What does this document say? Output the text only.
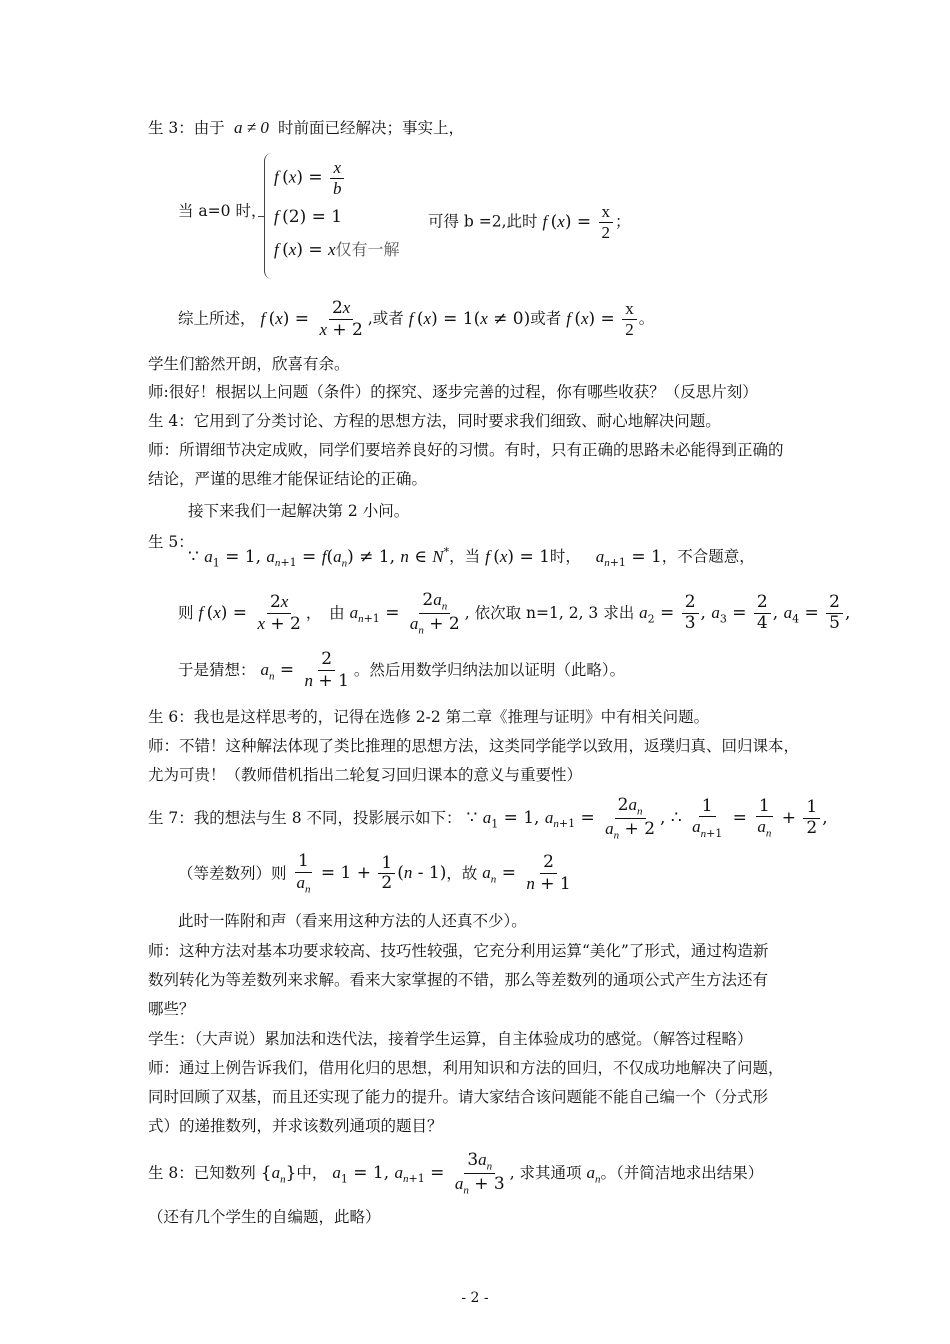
生 3：由于  a ≠ 0  时前面已经解决；事实上，
f $(x) = \frac{x}{b}$
f (2) = 1
f (x) = x仅有一解
当 a=0 时，
可得 b =2,此时 f $(x) = \frac{x}{2}$ ；
综上所述， f $(x) = \frac{2x}{x + 2}$ ,或者 f (x) = 1(x ≠ 0)或者 f $(x) = \frac{x}{2}$ 。
学生们豁然开朗，欣喜有余。
师:很好！根据以上问题（条件）的探究、逐步完善的过程，你有哪些收获？（反思片刻）
生 4：它用到了分类讨论、方程的思想方法，同时要求我们细致、耐心地解决问题。
师：所谓细节决定成败，同学们要培养良好的习惯。有时，只有正确的思路未必能得到正确的
结论，严谨的思维才能保证结论的正确。
接下来我们一起解决第 2 小问。
生 5：
∵ $a_1 = 1$, $a_{n+1} = f(a_n) \ne 1$, n ∈ N*，当 f (x) = 1时， $a_{n+1} = 1$，不合题意，
则 f $(x) = \frac{2x}{x + 2}$ ，　由 $a_{n+1} = \frac{2a_n}{a_n + 2}$ , 依次取 n=1, 2, 3 求出 $a_2 = \frac{2}{3}$ , $a_3 = \frac{2}{4}$ , $a_4 = \frac{2}{5}$ ,
于是猜想： $a_n = \frac{2}{n + 1}$ 。然后用数学归纳法加以证明（此略）。
生 6：我也是这样思考的，记得在选修 2-2 第二章《推理与证明》中有相关问题。
师：不错！这种解法体现了类比推理的思想方法，这类同学能学以致用，返璞归真、回归课本，
尤为可贵！（教师借机指出二轮复习回归课本的意义与重要性）
生 7：我的想法与生 8 不同，投影展示如下： ∵ $a_1 = 1$, $a_{n+1} = \frac{2a_n}{a_n + 2}$ , ∴ $\frac{1}{a_{n+1}} = \frac{1}{a_n} + \frac{1}{2}$ ,
（等差数列）则 $\frac{1}{a_n} = 1 + \frac{1}{2} (n - 1)$，故 $a_n = \frac{2}{n + 1}$
此时一阵附和声（看来用这种方法的人还真不少）。
师：这种方法对基本功要求较高、技巧性较强，它充分利用运算“美化”了形式，通过构造新
数列转化为等差数列来求解。看来大家掌握的不错，那么等差数列的通项公式产生方法还有
哪些？
学生：（大声说）累加法和迭代法，接着学生运算，自主体验成功的感觉。（解答过程略）
师：通过上例告诉我们，借用化归的思想，利用知识和方法的回归，不仅成功地解决了问题，
同时回顾了双基，而且还实现了能力的提升。请大家结合该问题能不能自己编一个（分式形
式）的递推数列，并求该数列通项的题目？
生 8：已知数列 $\{a_n\}$中， $a_1 = 1$, $a_{n+1} = \frac{3a_n}{a_n + 3}$ , 求其通项 $a_n$。（并简洁地求出结果）
（还有几个学生的自编题，此略）
- 2 -
